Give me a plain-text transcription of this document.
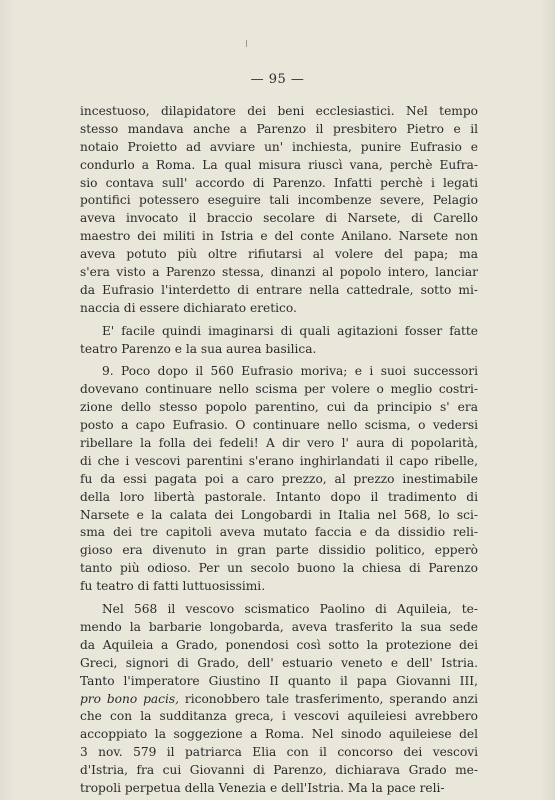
— 95 —
incestuoso, dilapidatore dei beni ecclesiastici. Nel tempo
stesso mandava anche a Parenzo il presbitero Pietro e il
notaio Proietto ad avviare un' inchiesta, punire Eufrasio e
condurlo a Roma. La qual misura riuscì vana, perchè Eufra-
sio contava sull' accordo di Parenzo. Infatti perchè i legati
pontifici potessero eseguire tali incombenze severe, Pelagio
aveva invocato il braccio secolare di Narsete, di Carello
maestro dei militi in Istria e del conte Anilano. Narsete non
aveva potuto più oltre rifiutarsi al volere del papa; ma
s'era visto a Parenzo stessa, dinanzi al popolo intero, lanciar
da Eufrasio l'interdetto di entrare nella cattedrale, sotto mi-
naccia di essere dichiarato eretico.
E' facile quindi imaginarsi di quali agitazioni fosser fatte
teatro Parenzo e la sua aurea basilica.
9. Poco dopo il 560 Eufrasio moriva; e i suoi successori
dovevano continuare nello scisma per volere o meglio costri-
zione dello stesso popolo parentino, cui da principio s' era
posto a capo Eufrasio. O continuare nello scisma, o vedersi
ribellare la folla dei fedeli! A dir vero l' aura di popolarità,
di che i vescovi parentini s'erano inghirlandati il capo ribelle,
fu da essi pagata poi a caro prezzo, al prezzo inestimabile
della loro libertà pastorale. Intanto dopo il tradimento di
Narsete e la calata dei Longobardi in Italia nel 568, lo sci-
sma dei tre capitoli aveva mutato faccia e da dissidio reli-
gioso era divenuto in gran parte dissidio politico, epperò
tanto più odioso. Per un secolo buono la chiesa di Parenzo
fu teatro di fatti luttuosissimi.
Nel 568 il vescovo scismatico Paolino di Aquileia, te-
mendo la barbarie longobarda, aveva trasferito la sua sede
da Aquileia a Grado, ponendosi così sotto la protezione dei
Greci, signori di Grado, dell' estuario veneto e dell' Istria.
Tanto l'imperatore Giustino II quanto il papa Giovanni III,
pro bono pacis, riconobbero tale trasferimento, sperando anzi
che con la sudditanza greca, i vescovi aquileiesi avrebbero
accoppiato la soggezione a Roma. Nel sinodo aquileiese del
3 nov. 579 il patriarca Elia con il concorso dei vescovi
d'Istria, fra cui Giovanni di Parenzo, dichiarava Grado me-
tropoli perpetua della Venezia e dell'Istria. Ma la pace reli-
